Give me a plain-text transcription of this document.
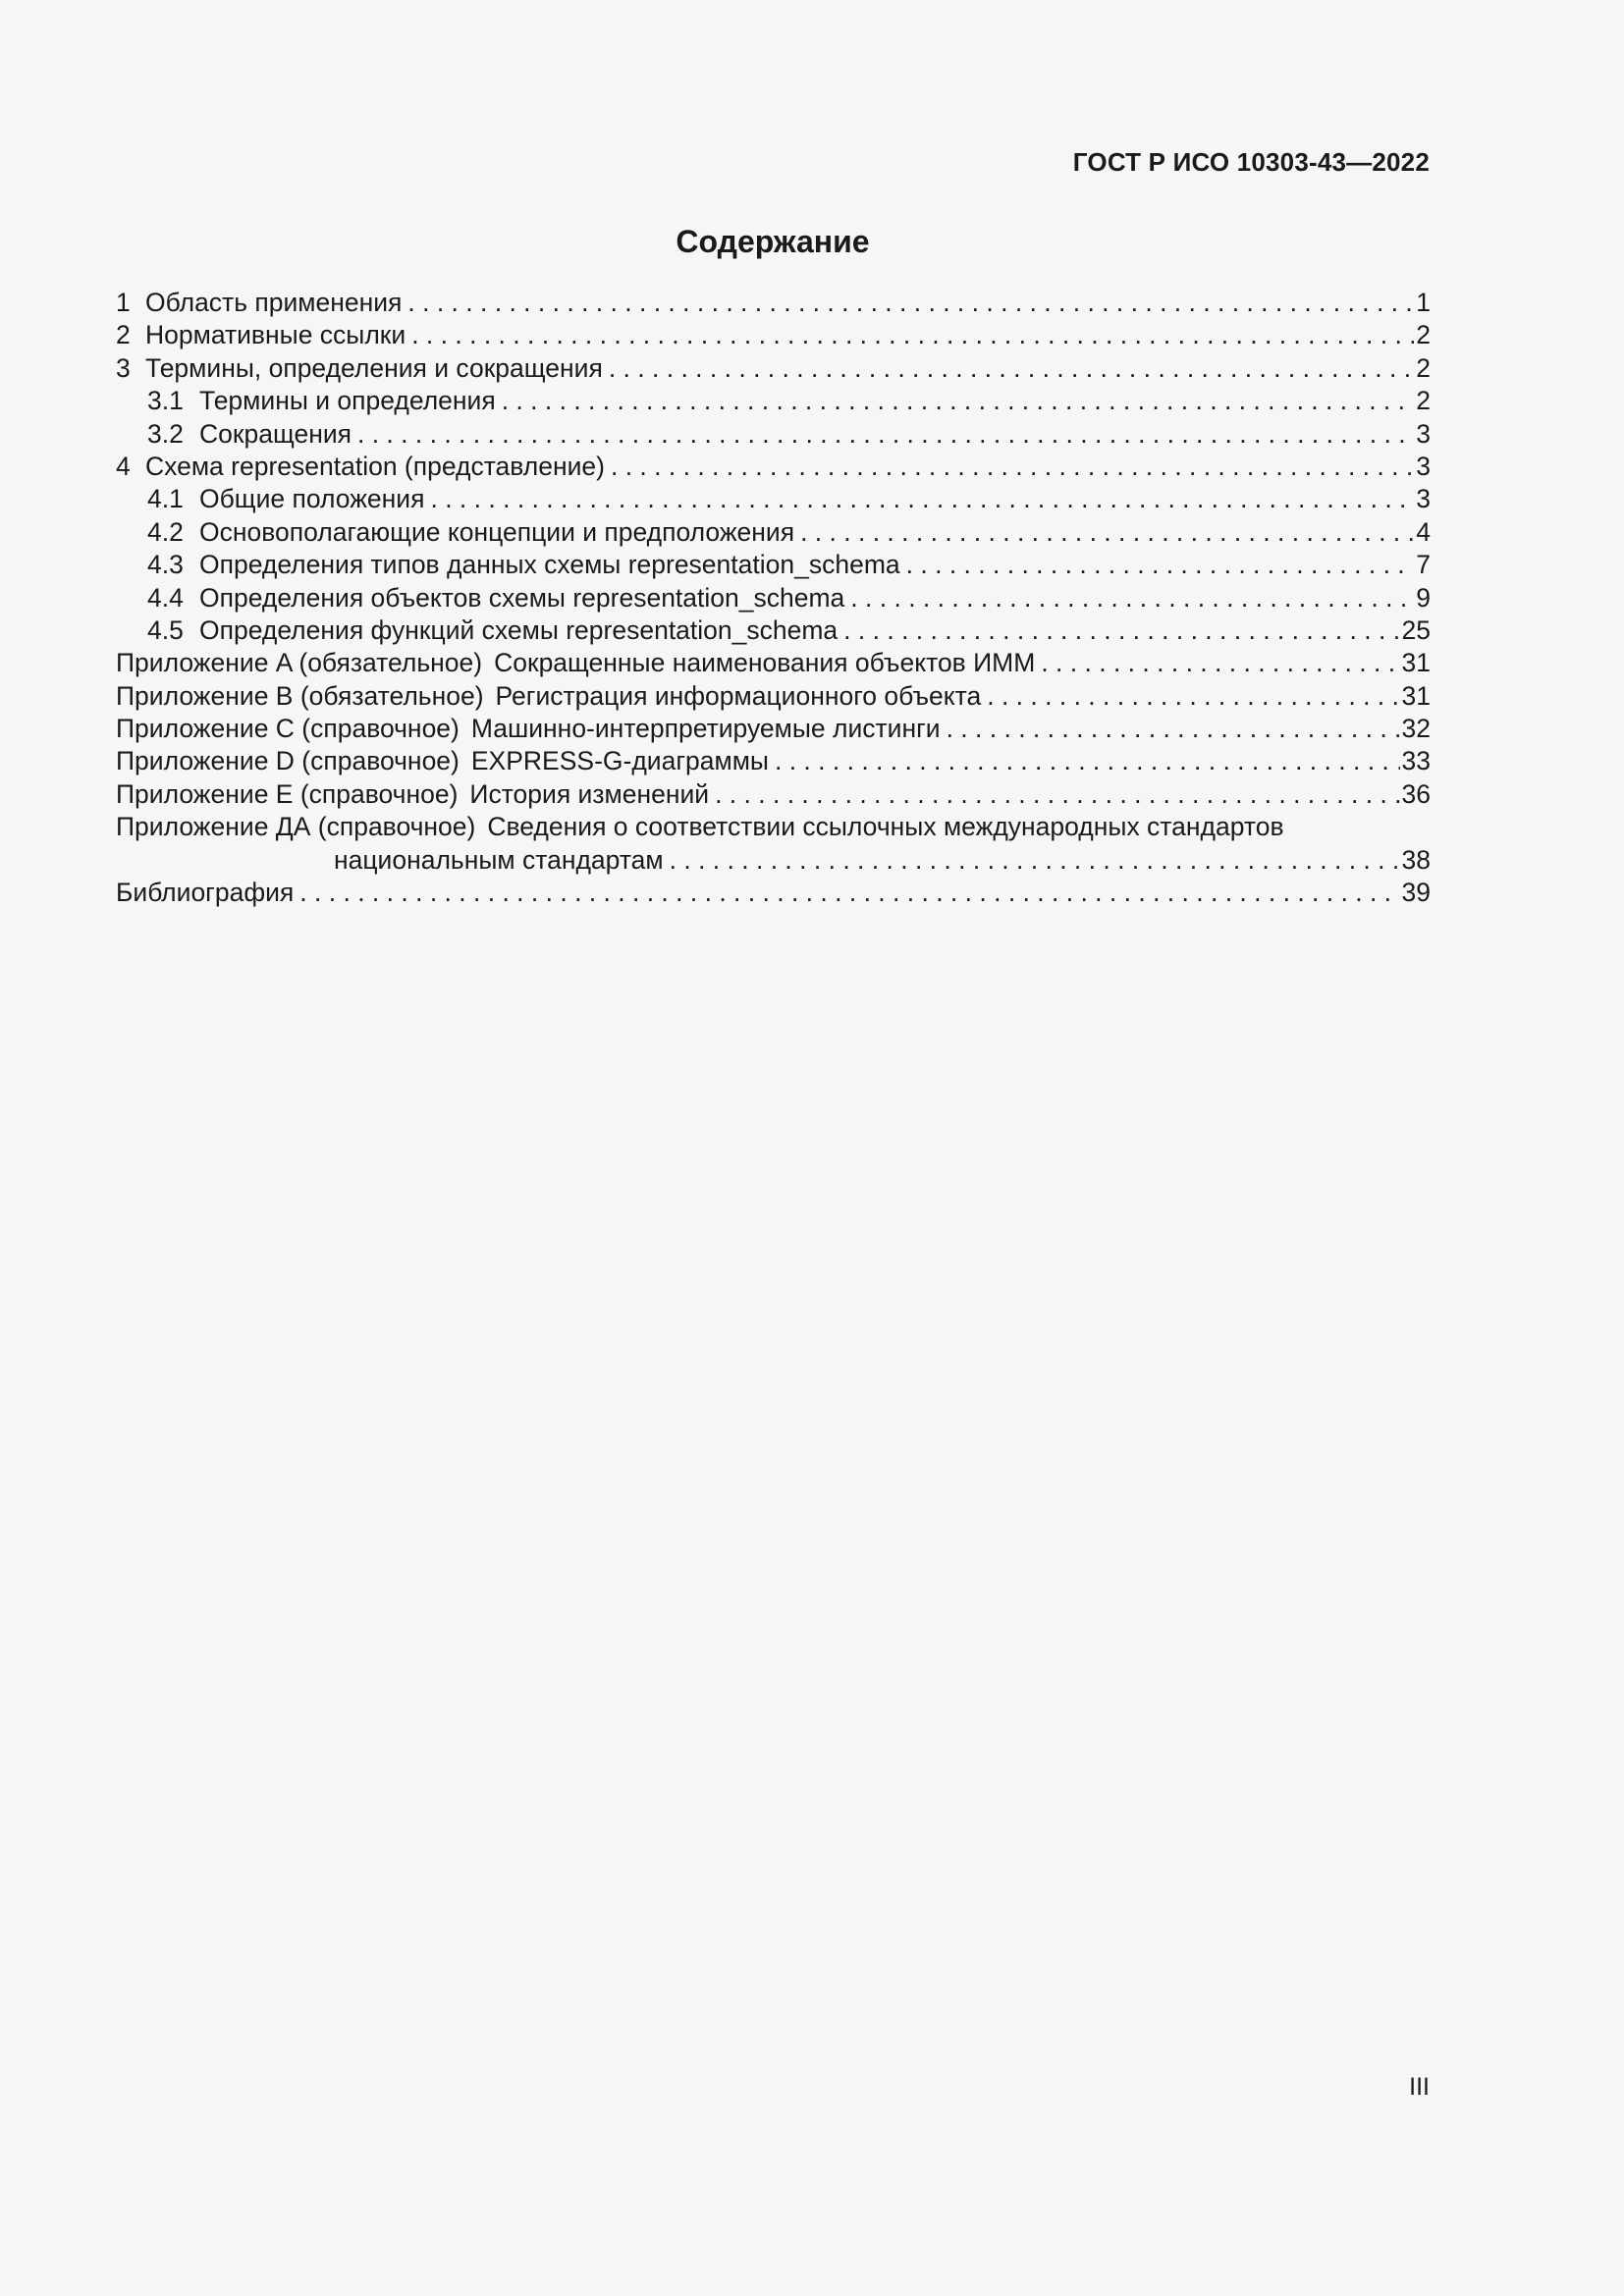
ГОСТ Р ИСО 10303-43—2022
Содержание
1 Область применения . . .	1
2 Нормативные ссылки . . .	2
3 Термины, определения и сокращения . . .	2
3.1 Термины и определения . . .	2
3.2 Сокращения . . .	3
4 Схема representation (представление) . . .	3
4.1 Общие положения . . .	3
4.2 Основополагающие концепции и предположения . . .	4
4.3 Определения типов данных схемы representation_schema . . .	7
4.4 Определения объектов схемы representation_schema . . .	9
4.5 Определения функций схемы representation_schema . . .	25
Приложение A (обязательное) Сокращенные наименования объектов ИММ . . .	31
Приложение B (обязательное) Регистрация информационного объекта . . .	31
Приложение C (справочное) Машинно-интерпретируемые листинги . . .	32
Приложение D (справочное) EXPRESS-G-диаграммы . . .	33
Приложение E (справочное) История изменений . . .	36
Приложение ДА (справочное) Сведения о соответствии ссылочных международных стандартов
национальным стандартам . . .	38
Библиография . . .	39
III
